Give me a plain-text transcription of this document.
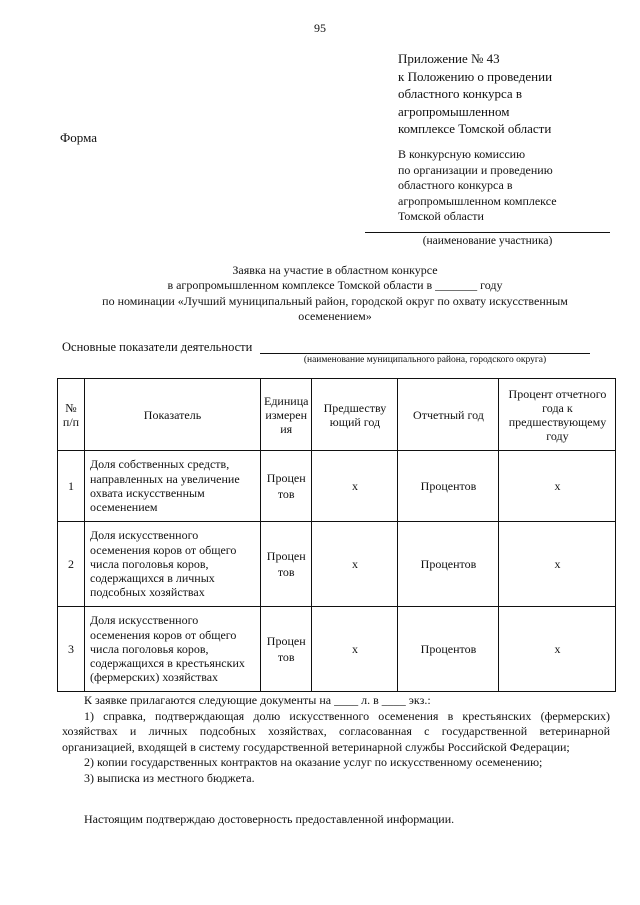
95
Приложение № 43
к Положению о проведении
областного конкурса в
агропромышленном
комплексе Томской области
Форма
В конкурсную комиссию
по организации и проведению
областного конкурса в
агропромышленном комплексе
Томской области
(наименование участника)
Заявка на участие в областном конкурсе
в агропромышленном комплексе Томской области в _______ году
по номинации «Лучший муниципальный район, городской округ по охвату искусственным
осеменением»
Основные показатели деятельности
(наименование муниципального района, городского округа)
№
п/п	Показатель	Единица
измерен
ия	Предшеству
ющий год	Отчетный год	Процент отчетного
года к
предшествующему
году
1	Доля собственных средств,
направленных на увеличение
охвата искусственным
осеменением	Процен
тов	х	Процентов	х
2	Доля искусственного
осеменения коров от общего
числа поголовья коров,
содержащихся в личных
подсобных хозяйствах	Процен
тов	х	Процентов	х
3	Доля искусственного
осеменения коров от общего
числа поголовья коров,
содержащихся в крестьянских
(фермерских) хозяйствах	Процен
тов	х	Процентов	х

К заявке прилагаются следующие документы на ____ л. в ____ экз.:

1) справка, подтверждающая долю искусственного осеменения в крестьянских (фермерских) хозяйствах и личных подсобных хозяйствах, согласованная с государственной ветеринарной организацией, входящей в систему государственной ветеринарной службы Российской Федерации;

2) копии государственных контрактов на оказание услуг по искусственному осеменению;

3) выписка из местного бюджета.

Настоящим подтверждаю достоверность предоставленной информации.
